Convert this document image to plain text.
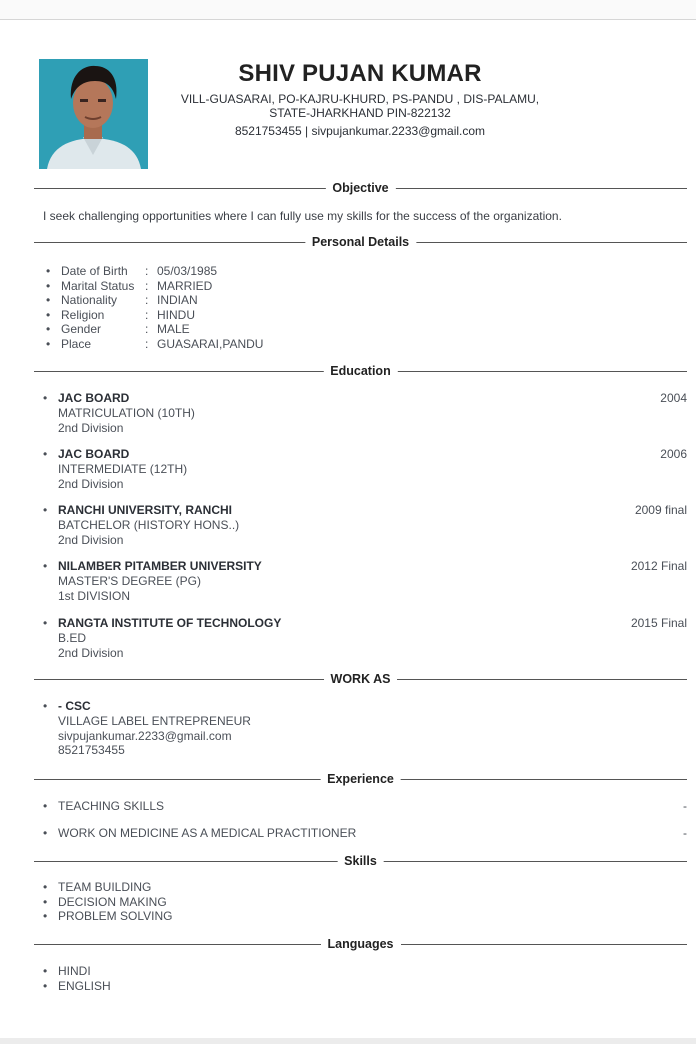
SHIV PUJAN KUMAR
VILL-GUASARAI, PO-KAJRU-KHURD, PS-PANDU , DIS-PALAMU,
STATE-JHARKHAND PIN-822132
8521753455 | sivpujankumar.2233@gmail.com
Objective
I seek challenging opportunities where I can fully use my skills for the success of the organization.
Personal Details
• Date of Birth : 05/03/1985
• Marital Status : MARRIED
• Nationality : INDIAN
• Religion	: HINDU
• Gender	: MALE
• Place	: GUASARAI,PANDU
Education
• JAC BOARD
MATRICULATION (10TH)
2nd Division
2004
• JAC BOARD
INTERMEDIATE (12TH)
2nd Division
2006
• RANCHI UNIVERSITY, RANCHI
BATCHELOR (HISTORY HONS..)
2nd Division
2009 final
• NILAMBER PITAMBER UNIVERSITY
MASTER'S DEGREE (PG)
1st DIVISION
2012 Final
• RANGTA INSTITUTE OF TECHNOLOGY
B.ED
2nd Division
2015 Final
WORK AS
• - CSC
VILLAGE LABEL ENTREPRENEUR
sivpujankumar.2233@gmail.com
8521753455
Experience
• TEACHING SKILLS	-
• WORK ON MEDICINE AS A MEDICAL PRACTITIONER	-
Skills
• TEAM BUILDING
• DECISION MAKING
• PROBLEM SOLVING
Languages
• HINDI
• ENGLISH
